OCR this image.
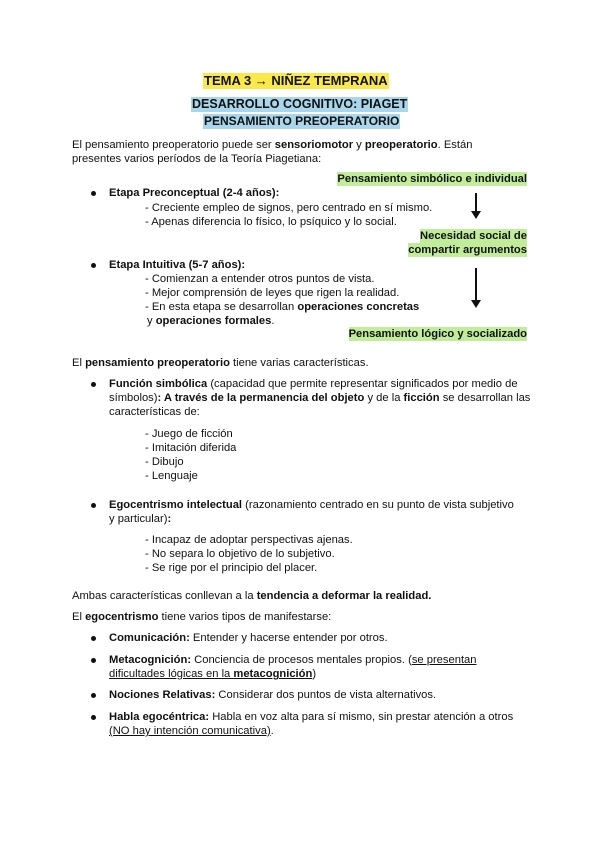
TEMA 3 → NIÑEZ TEMPRANA
DESARROLLO COGNITIVO: PIAGET
PENSAMIENTO PREOPERATORIO
El pensamiento preoperatorio puede ser sensoriomotor y preoperatorio. Están
presentes varios períodos de la Teoría Piagetiana:
Pensamiento simbólico e individual
Necesidad social de
compartir argumentos
Pensamiento lógico y socializado
Etapa Preconceptual (2-4 años):
- Creciente empleo de signos, pero centrado en sí mismo.
- Apenas diferencia lo físico, lo psíquico y lo social.
Etapa Intuitiva (5-7 años):
- Comienzan a entender otros puntos de vista.
- Mejor comprensión de leyes que rigen la realidad.
- En esta etapa se desarrollan operaciones concretas
y operaciones formales.
El pensamiento preoperatorio tiene varias características.
Función simbólica (capacidad que permite representar significados por medio de
símbolos): A través de la permanencia del objeto y de la ficción se desarrollan las
características de:
- Juego de ficción
- Imitación diferida
- Dibujo
- Lenguaje
Egocentrismo intelectual (razonamiento centrado en su punto de vista subjetivo
y particular):
- Incapaz de adoptar perspectivas ajenas.
- No separa lo objetivo de lo subjetivo.
- Se rige por el principio del placer.
Ambas características conllevan a la tendencia a deformar la realidad.
El egocentrismo tiene varios tipos de manifestarse:
Comunicación: Entender y hacerse entender por otros.
Metacognición: Conciencia de procesos mentales propios. (se presentan
dificultades lógicas en la metacognición)
Nociones Relativas: Considerar dos puntos de vista alternativos.
Habla egocéntrica: Habla en voz alta para sí mismo, sin prestar atención a otros
(NO hay intención comunicativa).
